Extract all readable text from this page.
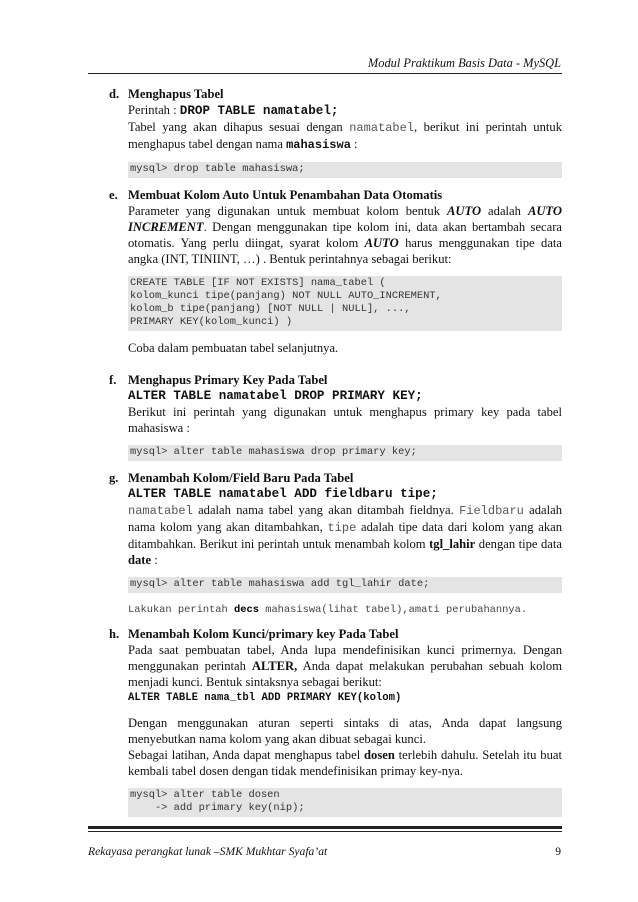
Modul Praktikum Basis Data - MySQL
d. Menghapus Tabel

Perintah : DROP TABLE namatabel;

Tabel yang akan dihapus sesuai dengan namatabel, berikut ini perintah untuk menghapus tabel dengan nama mahasiswa :

mysql> drop table mahasiswa;
e. Membuat Kolom Auto Untuk Penambahan Data Otomatis

Parameter yang digunakan untuk membuat kolom bentuk AUTO adalah AUTO INCREMENT. Dengan menggunakan tipe kolom ini, data akan bertambah secara otomatis. Yang perlu diingat, syarat kolom AUTO harus menggunakan tipe data angka (INT, TINIINT, …) . Bentuk perintahnya sebagai berikut:

CREATE TABLE [IF NOT EXISTS] nama_tabel (
kolom_kunci tipe(panjang) NOT NULL AUTO_INCREMENT,
kolom_b tipe(panjang) [NOT NULL | NULL], ...,
PRIMARY KEY(kolom_kunci) )

Coba dalam pembuatan tabel selanjutnya.

f. Menghapus Primary Key Pada Tabel

ALTER TABLE namatabel DROP PRIMARY KEY;

Berikut ini perintah yang digunakan untuk menghapus primary key pada tabel mahasiswa :

mysql> alter table mahasiswa drop primary key;
g. Menambah Kolom/Field Baru Pada Tabel

ALTER TABLE namatabel ADD fieldbaru tipe;

namatabel adalah nama tabel yang akan ditambah fieldnya. Fieldbaru adalah nama kolom yang akan ditambahkan, tipe adalah tipe data dari kolom yang akan ditambahkan. Berikut ini perintah untuk menambah kolom tgl_lahir dengan tipe data date :

mysql> alter table mahasiswa add tgl_lahir date;
Lakukan perintah decs mahasiswa(lihat tabel),amati perubahannya.
h. Menambah Kolom Kunci/primary key Pada Tabel

Pada saat pembuatan tabel, Anda lupa mendefinisikan kunci primernya. Dengan menggunakan perintah ALTER, Anda dapat melakukan perubahan sebuah kolom menjadi kunci. Bentuk sintaksnya sebagai berikut:

ALTER TABLE nama_tbl ADD PRIMARY KEY(kolom)

Dengan menggunakan aturan seperti sintaks di atas, Anda dapat langsung menyebutkan nama kolom yang akan dibuat sebagai kunci.

Sebagai latihan, Anda dapat menghapus tabel dosen terlebih dahulu. Setelah itu buat kembali tabel dosen dengan tidak mendefinisikan primay key-nya.

mysql> alter table dosen
-> add primary key(nip);
Rekayasa perangkat lunak –SMK Mukhtar Syafa’at	9
